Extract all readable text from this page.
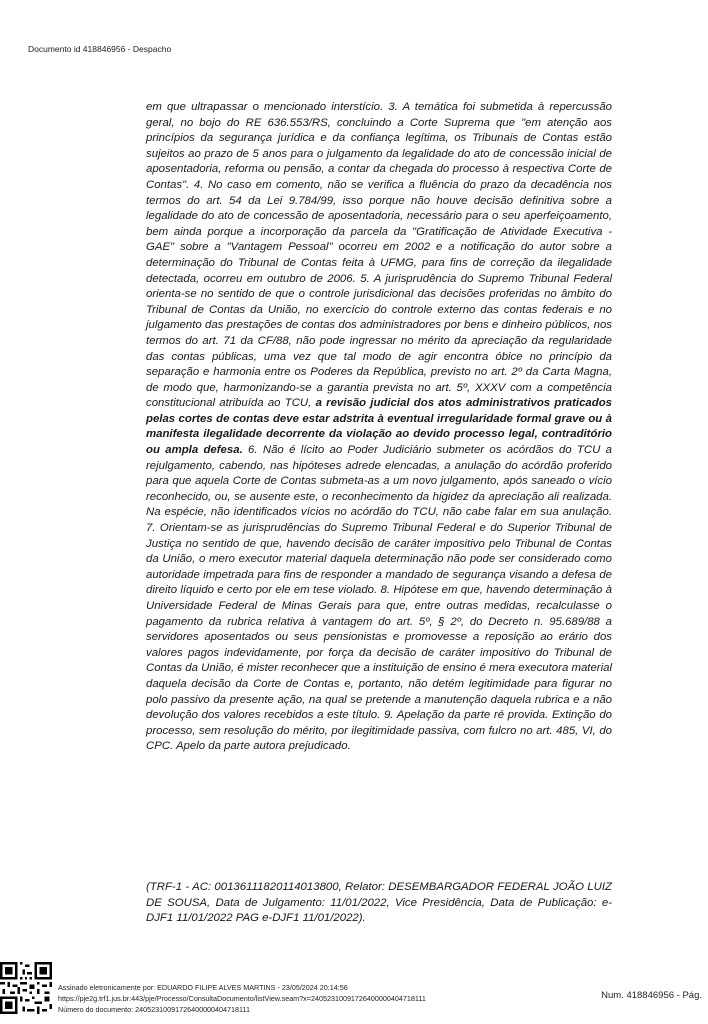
Documento id 418846956 - Despacho
em que ultrapassar o mencionado interstício. 3. A temática foi submetida à repercussão geral, no bojo do RE 636.553/RS, concluindo a Corte Suprema que "em atenção aos princípios da segurança jurídica e da confiança legítima, os Tribunais de Contas estão sujeitos ao prazo de 5 anos para o julgamento da legalidade do ato de concessão inicial de aposentadoria, reforma ou pensão, a contar da chegada do processo à respectiva Corte de Contas". 4. No caso em comento, não se verifica a fluência do prazo da decadência nos termos do art. 54 da Lei 9.784/99, isso porque não houve decisão definitiva sobre a legalidade do ato de concessão de aposentadoria, necessário para o seu aperfeiçoamento, bem ainda porque a incorporação da parcela da "Gratificação de Atividade Executiva - GAE" sobre a "Vantagem Pessoal" ocorreu em 2002 e a notificação do autor sobre a determinação do Tribunal de Contas feita à UFMG, para fins de correção da ilegalidade detectada, ocorreu em outubro de 2006. 5. A jurisprudência do Supremo Tribunal Federal orienta-se no sentido de que o controle jurisdicional das decisões proferidas no âmbito do Tribunal de Contas da União, no exercício do controle externo das contas federais e no julgamento das prestações de contas dos administradores por bens e dinheiro públicos, nos termos do art. 71 da CF/88, não pode ingressar no mérito da apreciação da regularidade das contas públicas, uma vez que tal modo de agir encontra óbice no princípio da separação e harmonia entre os Poderes da República, previsto no art. 2º da Carta Magna, de modo que, harmonizando-se a garantia prevista no art. 5º, XXXV com a competência constitucional atribuída ao TCU, a revisão judicial dos atos administrativos praticados pelas cortes de contas deve estar adstrita à eventual irregularidade formal grave ou à manifesta ilegalidade decorrente da violação ao devido processo legal, contraditório ou ampla defesa. 6. Não é lícito ao Poder Judiciário submeter os acórdãos do TCU a rejulgamento, cabendo, nas hipóteses adrede elencadas, a anulação do acórdão proferido para que aquela Corte de Contas submeta-as a um novo julgamento, após saneado o vício reconhecido, ou, se ausente este, o reconhecimento da higidez da apreciação ali realizada. Na espécie, não identificados vícios no acórdão do TCU, não cabe falar em sua anulação. 7. Orientam-se as jurisprudências do Supremo Tribunal Federal e do Superior Tribunal de Justiça no sentido de que, havendo decisão de caráter impositivo pelo Tribunal de Contas da União, o mero executor material daquela determinação não pode ser considerado como autoridade impetrada para fins de responder a mandado de segurança visando a defesa de direito líquido e certo por ele em tese violado. 8. Hipótese em que, havendo determinação à Universidade Federal de Minas Gerais para que, entre outras medidas, recalculasse o pagamento da rubrica relativa à vantagem do art. 5º, § 2º, do Decreto n. 95.689/88 a servidores aposentados ou seus pensionistas e promovesse a reposição ao erário dos valores pagos indevidamente, por força da decisão de caráter impositivo do Tribunal de Contas da União, é mister reconhecer que a instituição de ensino é mera executora material daquela decisão da Corte de Contas e, portanto, não detém legitimidade para figurar no polo passivo da presente ação, na qual se pretende a manutenção daquela rubrica e a não devolução dos valores recebidos a este título. 9. Apelação da parte ré provida. Extinção do processo, sem resolução do mérito, por ilegitimidade passiva, com fulcro no art. 485, VI, do CPC. Apelo da parte autora prejudicado.
(TRF-1 - AC: 00136111820114013800, Relator: DESEMBARGADOR FEDERAL JOÃO LUIZ DE SOUSA, Data de Julgamento: 11/01/2022, Vice Presidência, Data de Publicação: e-DJF1 11/01/2022 PAG e-DJF1 11/01/2022).
Assinado eletronicamente por: EDUARDO FILIPE ALVES MARTINS - 23/05/2024 20:14:56
https://pje2g.trf1.jus.br:443/pje/Processo/ConsultaDocumento/listView.seam?x=24052310091726400000404718111
Número do documento: 24052310091726400000404718111
Num. 418846956 - Pág.
